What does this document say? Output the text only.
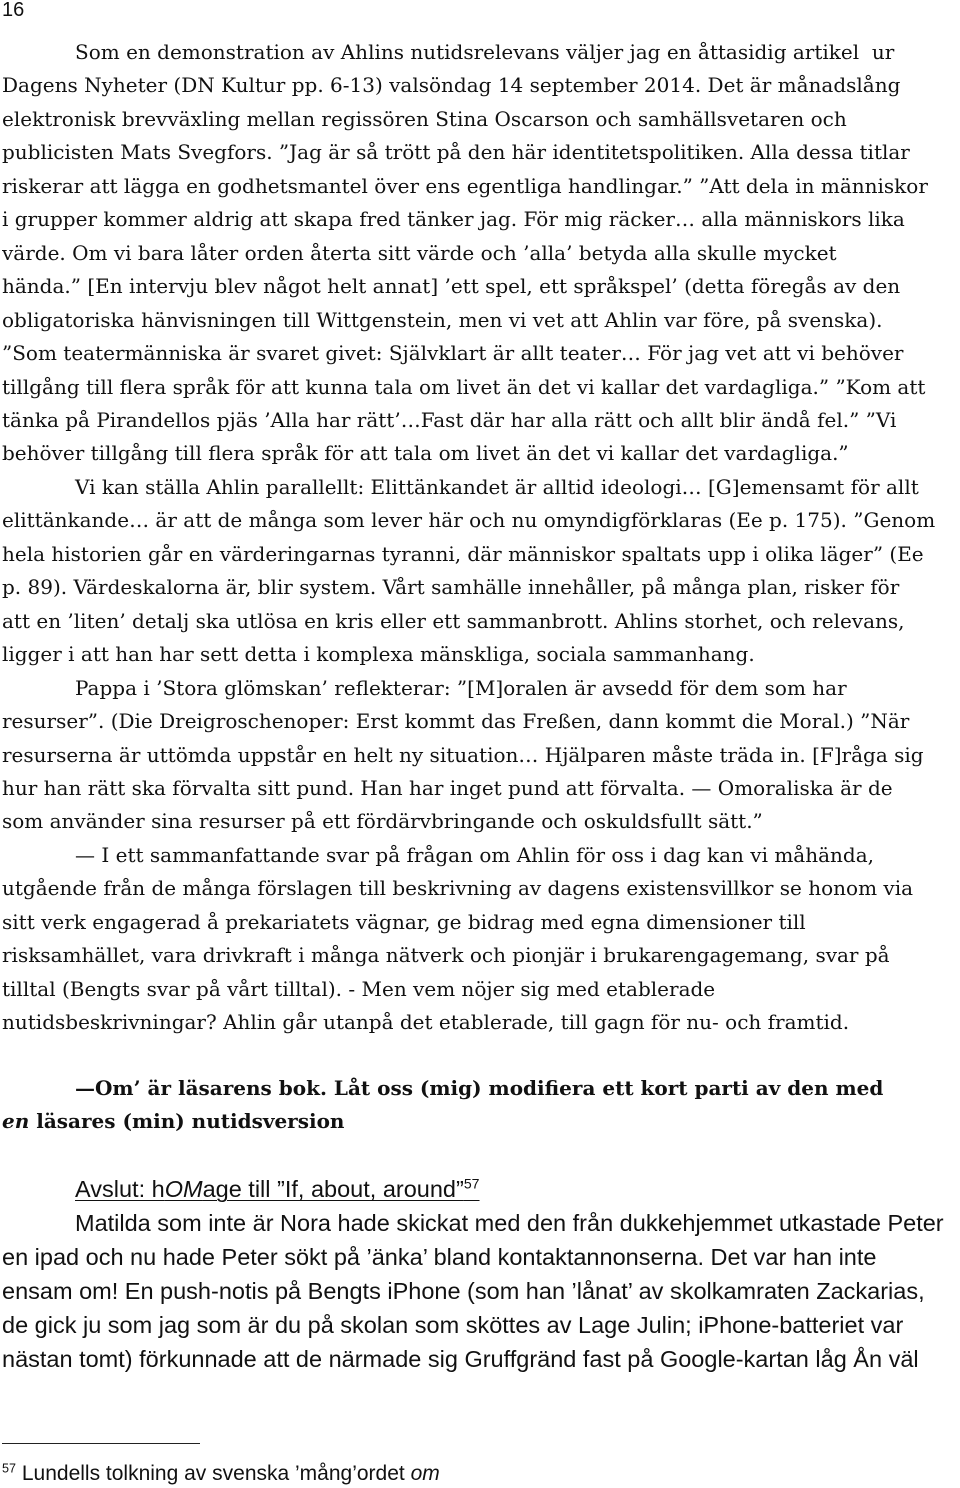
16
Som en demonstration av Ahlins nutidsrelevans väljer jag en åttasidig artikel  ur
Dagens Nyheter (DN Kultur pp. 6-13) valsöndag 14 september 2014. Det är månadslång
elektronisk brevväxling mellan regissören Stina Oscarson och samhällsvetaren och
publicisten Mats Svegfors. ”Jag är så trött på den här identitetspolitiken. Alla dessa titlar
riskerar att lägga en godhetsmantel över ens egentliga handlingar.” ”Att dela in människor
i grupper kommer aldrig att skapa fred tänker jag. För mig räcker… alla människors lika
värde. Om vi bara låter orden återta sitt värde och ’alla’ betyda alla skulle mycket
hända.” [En intervju blev något helt annat] ’ett spel, ett språkspel’ (detta föregås av den
obligatoriska hänvisningen till Wittgenstein, men vi vet att Ahlin var före, på svenska).
”Som teatermänniska är svaret givet: Självklart är allt teater… För jag vet att vi behöver
tillgång till flera språk för att kunna tala om livet än det vi kallar det vardagliga.” ”Kom att
tänka på Pirandellos pjäs ’Alla har rätt’…Fast där har alla rätt och allt blir ändå fel.” ”Vi
behöver tillgång till flera språk för att tala om livet än det vi kallar det vardagliga.”
Vi kan ställa Ahlin parallellt: Elittänkandet är alltid ideologi… [G]emensamt för allt
elittänkande… är att de många som lever här och nu omyndigförklaras (Ee p. 175). ”Genom
hela historien går en värderingarnas tyranni, där människor spaltats upp i olika läger” (Ee
p. 89). Värdeskalorna är, blir system. Vårt samhälle innehåller, på många plan, risker för
att en ’liten’ detalj ska utlösa en kris eller ett sammanbrott. Ahlins storhet, och relevans,
ligger i att han har sett detta i komplexa mänskliga, sociala sammanhang.
Pappa i ’Stora glömskan’ reflekterar: ”[M]oralen är avsedd för dem som har
resurser”. (Die Dreigroschenoper: Erst kommt das Freßen, dann kommt die Moral.) ”När
resurserna är uttömda uppstår en helt ny situation… Hjälparen måste träda in. [F]råga sig
hur han rätt ska förvalta sitt pund. Han har inget pund att förvalta. — Omoraliska är de
som använder sina resurser på ett fördärvbringande och oskuldsfullt sätt.”
— I ett sammanfattande svar på frågan om Ahlin för oss i dag kan vi måhända,
utgående från de många förslagen till beskrivning av dagens existensvillkor se honom via
sitt verk engagerad å prekariatets vägnar, ge bidrag med egna dimensioner till
risksamhället, vara drivkraft i många nätverk och pionjär i brukarengagemang, svar på
tilltal (Bengts svar på vårt tilltal). - Men vem nöjer sig med etablerade
nutidsbeskrivningar? Ahlin går utanpå det etablerade, till gagn för nu- och framtid.
—Om’ är läsarens bok. Låt oss (mig) modifiera ett kort parti av den med
en läsares (min) nutidsversion
Avslut: hOMage till ”If, about, around”$^{57}$
Matilda som inte är Nora hade skickat med den från dukkehjemmet utkastade Peter
en ipad och nu hade Peter sökt på ’änka’ bland kontaktannonserna. Det var han inte
ensam om! En push-notis på Bengts iPhone (som han ’lånat’ av skolkamraten Zackarias,
de gick ju som jag som är du på skolan som sköttes av Lage Julin; iPhone-batteriet var
nästan tomt) förkunnade att de närmade sig Gruffgränd fast på Google-kartan låg Ån väl
$^{57}$ Lundells tolkning av svenska ’mång’ordet om
